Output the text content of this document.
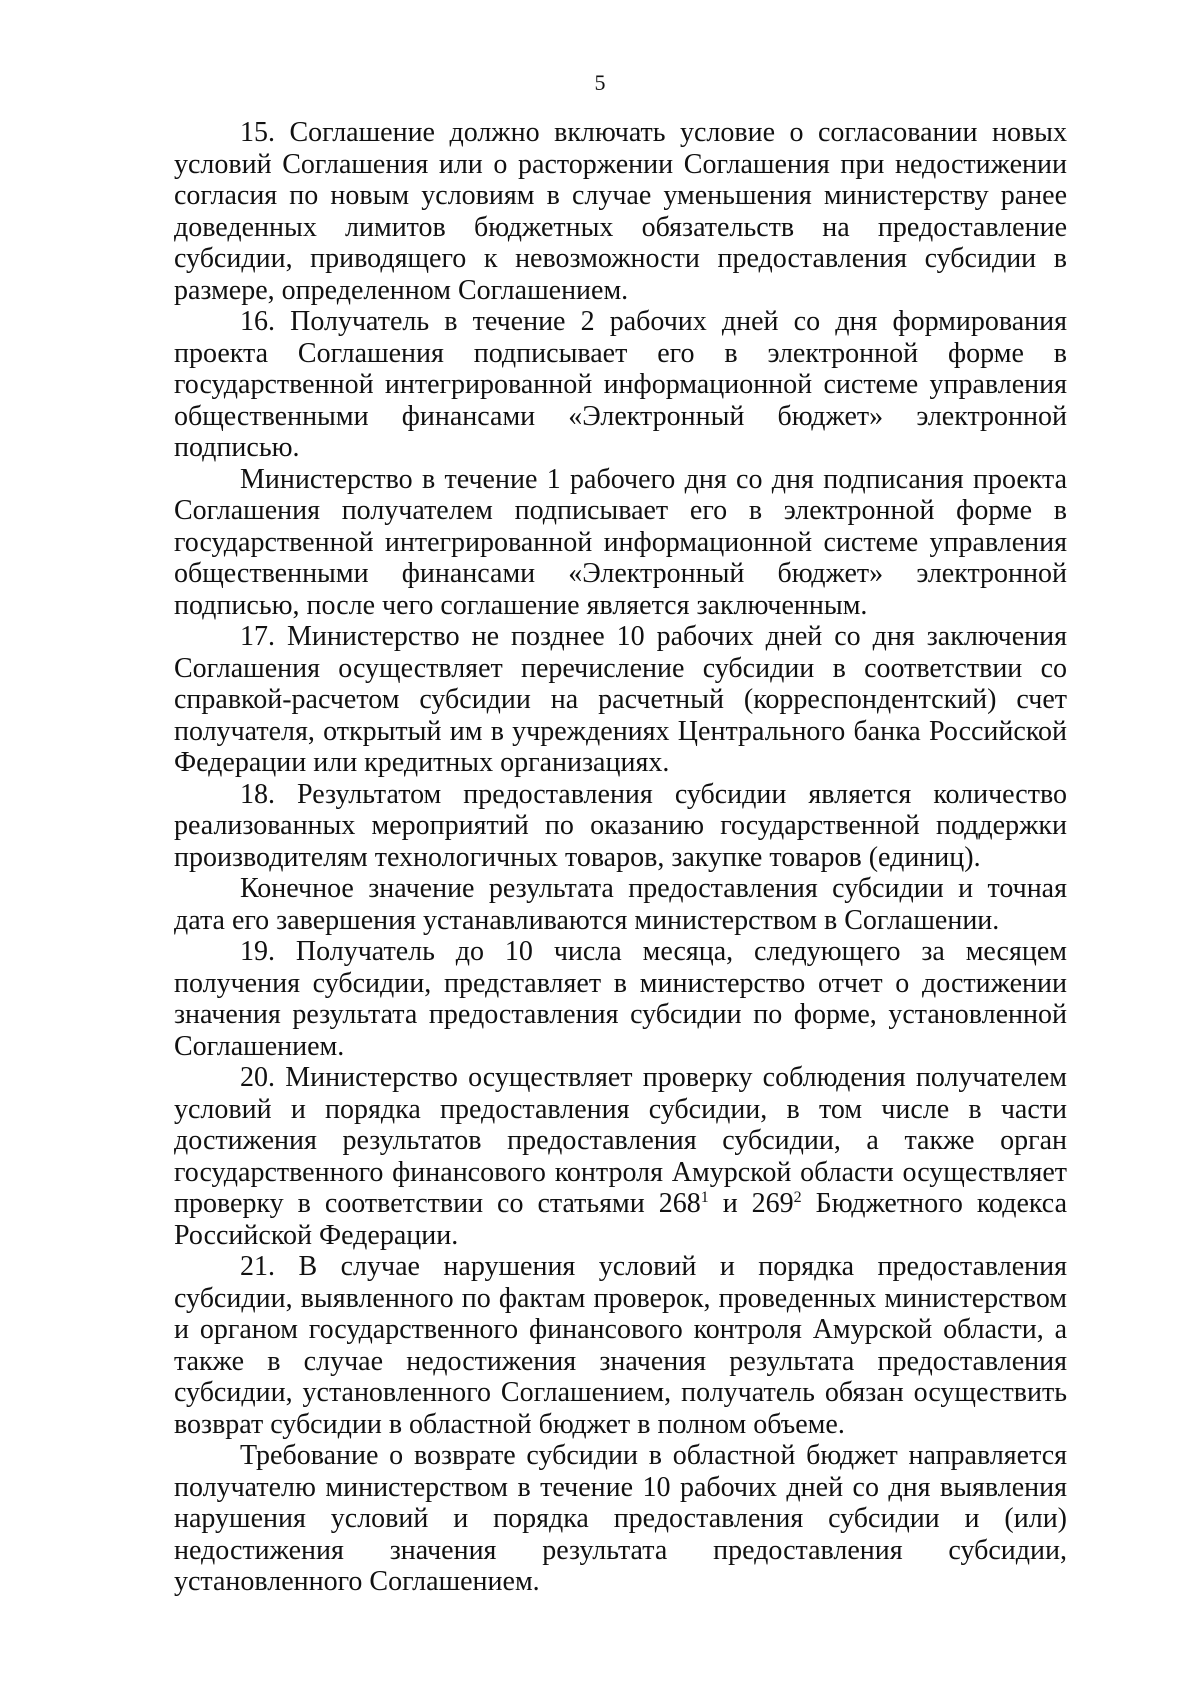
5

15. Соглашение должно включать условие о согласовании новых условий Соглашения или о расторжении Соглашения при недостижении согласия по новым условиям в случае уменьшения министерству ранее доведенных лимитов бюджетных обязательств на предоставление субсидии, приводящего к невозможности предоставления субсидии в размере, определенном Соглашением.

16. Получатель в течение 2 рабочих дней со дня формирования проекта Соглашения подписывает его в электронной форме в государственной интегрированной информационной системе управления общественными финансами «Электронный бюджет» электронной подписью.

Министерство в течение 1 рабочего дня со дня подписания проекта Соглашения получателем подписывает его в электронной форме в государственной интегрированной информационной системе управления общественными финансами «Электронный бюджет» электронной подписью, после чего соглашение является заключенным.

17. Министерство не позднее 10 рабочих дней со дня заключения Соглашения осуществляет перечисление субсидии в соответствии со справкой-расчетом субсидии на расчетный (корреспондентский) счет получателя, открытый им в учреждениях Центрального банка Российской Федерации или кредитных организациях.

18. Результатом предоставления субсидии является количество реализованных мероприятий по оказанию государственной поддержки производителям технологичных товаров, закупке товаров (единиц).

Конечное значение результата предоставления субсидии и точная дата его завершения устанавливаются министерством в Соглашении.

19. Получатель до 10 числа месяца, следующего за месяцем получения субсидии, представляет в министерство отчет о достижении значения результата предоставления субсидии по форме, установленной Соглашением.

20. Министерство осуществляет проверку соблюдения получателем условий и порядка предоставления субсидии, в том числе в части достижения результатов предоставления субсидии, а также орган государственного финансового контроля Амурской области осуществляет проверку в соответствии со статьями $268^1$ и $269^2$ Бюджетного кодекса Российской Федерации.

21. В случае нарушения условий и порядка предоставления субсидии, выявленного по фактам проверок, проведенных министерством и органом государственного финансового контроля Амурской области, а также в случае недостижения значения результата предоставления субсидии, установленного Соглашением, получатель обязан осуществить возврат субсидии в областной бюджет в полном объеме.

Требование о возврате субсидии в областной бюджет направляется получателю министерством в течение 10 рабочих дней со дня выявления нарушения условий и порядка предоставления субсидии и (или) недостижения значения результата предоставления субсидии, установленного Соглашением.
